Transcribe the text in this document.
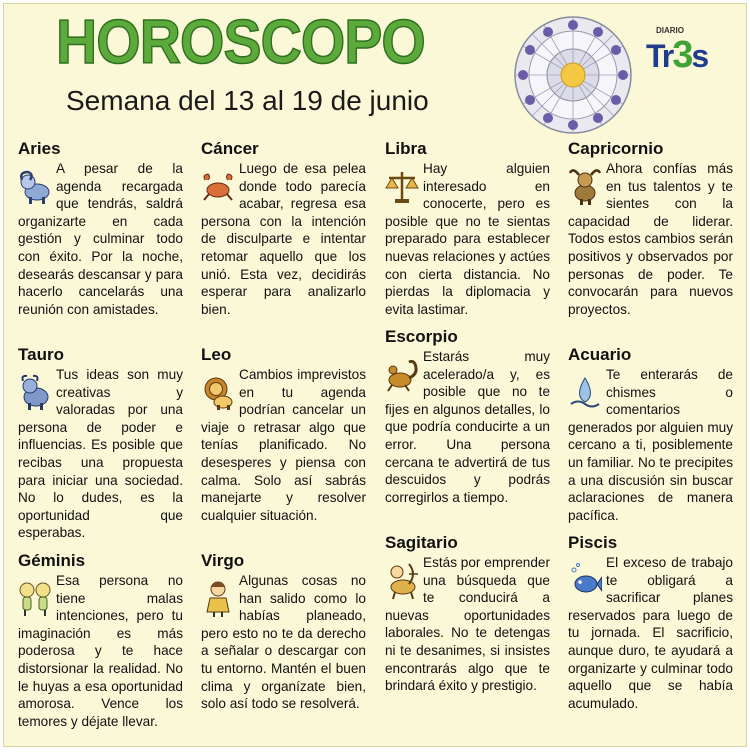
HOROSCOPO
Semana del 13 al 19 de junio
DIARIO
Tr3s
Aries

A pesar de la agenda recargada que tendrás, saldrá organizarte en cada gestión y culminar todo con éxito. Por la noche, desearás descansar y para hacerlo cancelarás una reunión con amistades.

Tauro

Tus ideas son muy creativas y valoradas por una persona de poder e influencias. Es posible que recibas una propuesta para iniciar una sociedad. No lo dudes, es la oportunidad que esperabas.

Géminis

Esa persona no tiene malas intenciones, pero tu imaginación es más poderosa y te hace distorsionar la realidad. No le huyas a esa oportunidad amorosa. Vence los temores y déjate llevar.

Cáncer

Luego de esa pelea donde todo parecía acabar, regresa esa persona con la intención de disculparte e intentar retomar aquello que los unió. Esta vez, decidirás esperar para analizarlo bien.

Leo

Cambios imprevistos en tu agenda podrían cancelar un viaje o retrasar algo que tenías planificado. No desesperes y piensa con calma. Solo así sabrás manejarte y resolver cualquier situación.

Virgo

Algunas cosas no han salido como lo habías planeado, pero esto no te da derecho a señalar o descargar con tu entorno. Mantén el buen clima y organízate bien, solo así todo se resolverá.

Libra

Hay alguien interesado en conocerte, pero es posible que no te sientas preparado para establecer nuevas relaciones y actúes con cierta distancia. No pierdas la diplomacia y evita lastimar.

Escorpio

Estarás muy acelerado/a y, es posible que no te fijes en algunos detalles, lo que podría conducirte a un error. Una persona cercana te advertirá de tus descuidos y podrás corregirlos a tiempo.

Sagitario

Estás por emprender una búsqueda que te conducirá a nuevas oportunidades laborales. No te detengas ni te desanimes, si insistes encontrarás algo que te brindará éxito y prestigio.

Capricornio

Ahora confías más en tus talentos y te sientes con la capacidad de liderar. Todos estos cambios serán positivos y observados por personas de poder. Te convocarán para nuevos proyectos.

Acuario

Te enterarás de chismes o comentarios generados por alguien muy cercano a ti, posiblemente un familiar. No te precipites a una discusión sin buscar aclaraciones de manera pacífica.

Piscis

El exceso de trabajo te obligará a sacrificar planes reservados para luego de tu jornada. El sacrificio, aunque duro, te ayudará a organizarte y culminar todo aquello que se había acumulado.
